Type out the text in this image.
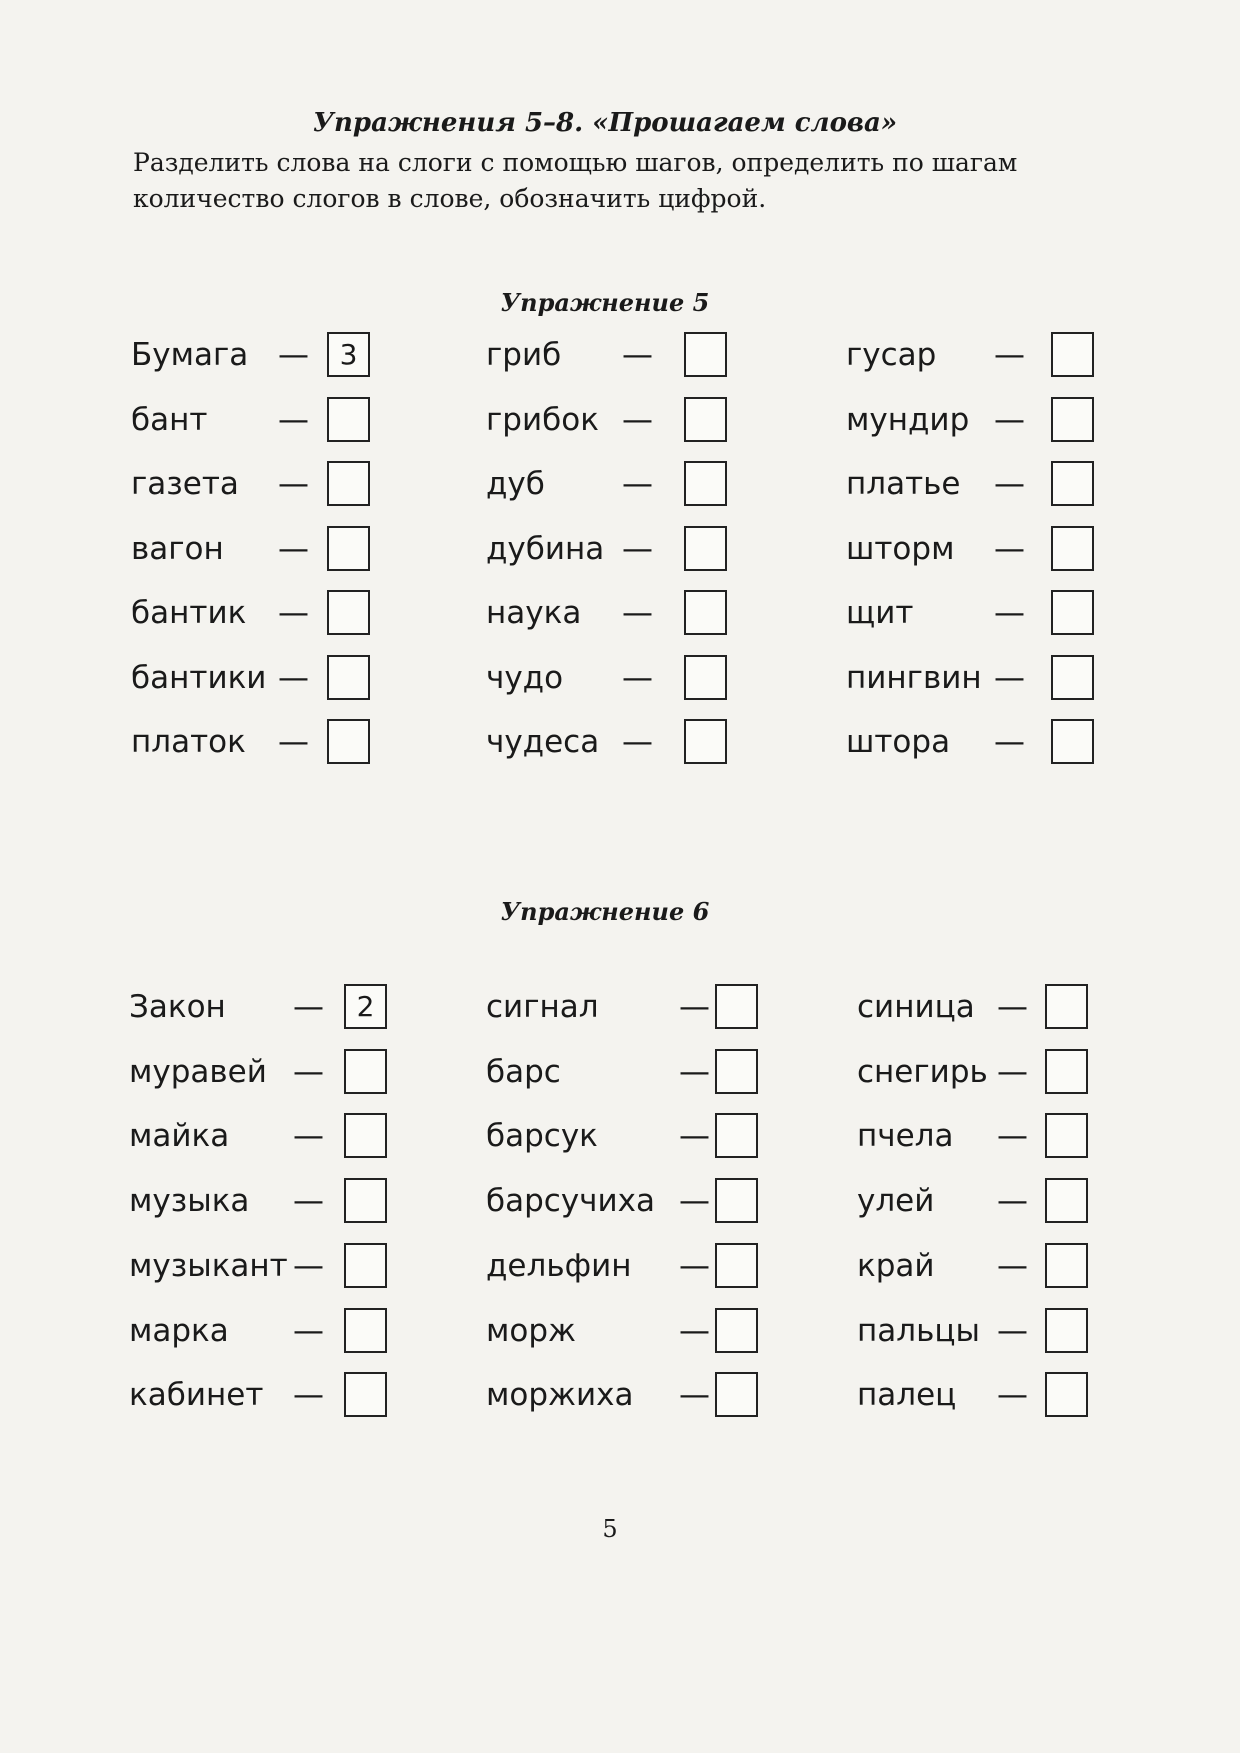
Упражнения 5–8. «Прошагаем слова»
Разделить слова на слоги с помощью шагов, определить по шагам количество слогов в слове, обозначить цифрой.
Упражнение 5
Бумага —	3
бант —
газета —
вагон —
бантик —
бантики —
платок —
гриб —
грибок —
дуб —
дубина —
наука —
чудо —
чудеса —
гусар —
мундир —
платье —
шторм —
щит	—
пингвин —
штора —
Упражнение 6
Закон —	2
муравей —
майка —
музыка —
музыкант —
марка —
кабинет —
сигнал	—
барс	—
барсук	—
барсучиха —
дельфин —
морж	—
моржиха —
синица —
снегирь —
пчела —
улей —
край —
пальцы —
палец —
5
